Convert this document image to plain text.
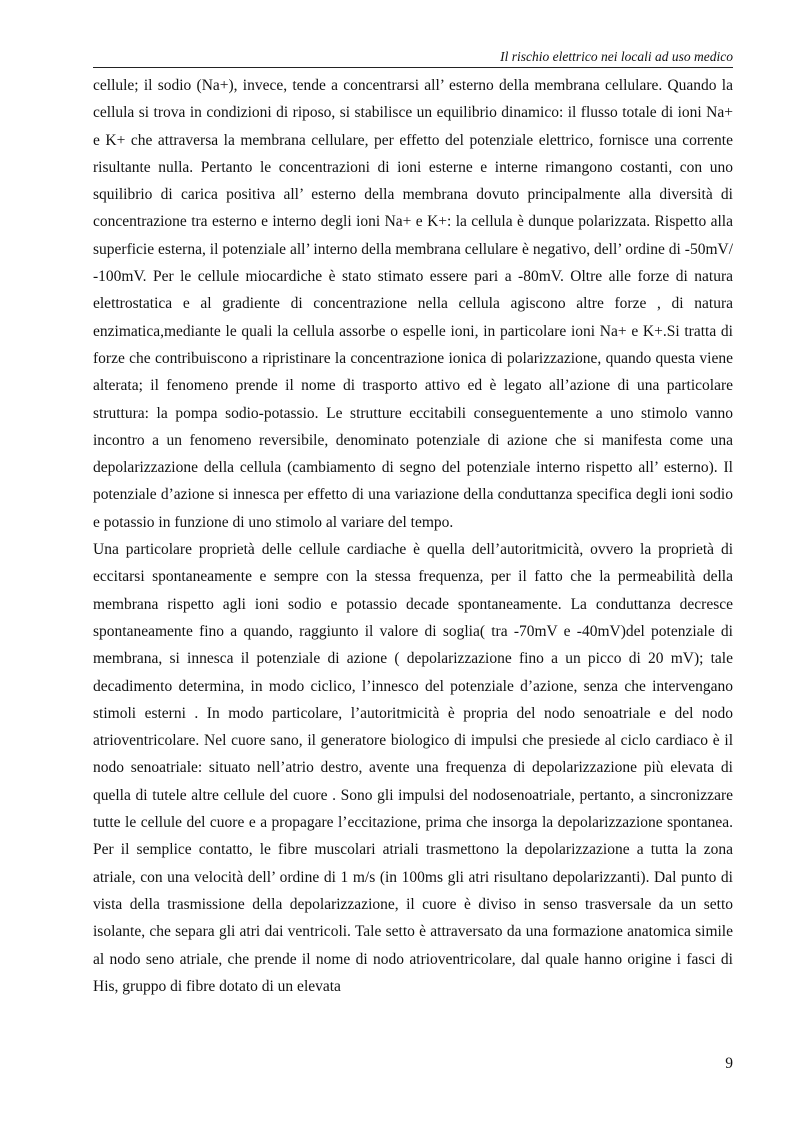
Il rischio elettrico nei locali ad uso medico

cellule; il sodio (Na+), invece, tende a concentrarsi all’ esterno della membrana cellulare. Quando la cellula si trova in condizioni di riposo, si stabilisce un equilibrio dinamico: il flusso totale di ioni Na+ e K+ che attraversa la membrana cellulare, per effetto del potenziale elettrico, fornisce una corrente risultante nulla. Pertanto le concentrazioni di ioni esterne e interne rimangono costanti, con uno squilibrio di carica positiva all’ esterno della membrana dovuto principalmente alla diversità di concentrazione tra esterno e interno degli ioni Na+ e K+: la cellula è dunque polarizzata. Rispetto alla superficie esterna, il potenziale all’ interno della membrana cellulare è negativo, dell’ ordine di -50mV/ -100mV. Per le cellule miocardiche è stato stimato essere pari a -80mV. Oltre alle forze di natura elettrostatica e al gradiente di concentrazione nella cellula agiscono altre forze , di natura enzimatica,mediante le quali la cellula assorbe o espelle ioni, in particolare ioni Na+ e K+.Si tratta di forze che contribuiscono a ripristinare la concentrazione ionica di polarizzazione, quando questa viene alterata; il fenomeno prende il nome di trasporto attivo ed è legato all’azione di una particolare struttura: la pompa sodio-potassio. Le strutture eccitabili conseguentemente a uno stimolo vanno incontro a un fenomeno reversibile, denominato potenziale di azione che si manifesta come una depolarizzazione della cellula (cambiamento di segno del potenziale interno rispetto all’ esterno). Il potenziale d’azione si innesca per effetto di una variazione della conduttanza specifica degli ioni sodio e potassio in funzione di uno stimolo al variare del tempo.

Una particolare proprietà delle cellule cardiache è quella dell’autoritmicità, ovvero la proprietà di eccitarsi spontaneamente e sempre con la stessa frequenza, per il fatto che la permeabilità della membrana rispetto agli ioni sodio e potassio decade spontaneamente. La conduttanza decresce spontaneamente fino a quando, raggiunto il valore di soglia( tra -70mV e -40mV)del potenziale di membrana, si innesca il potenziale di azione ( depolarizzazione fino a un picco di 20 mV); tale decadimento determina, in modo ciclico, l’innesco del potenziale d’azione, senza che intervengano stimoli esterni . In modo particolare, l’autoritmicità è propria del nodo senoatriale e del nodo atrioventricolare. Nel cuore sano, il generatore biologico di impulsi che presiede al ciclo cardiaco è il nodo senoatriale: situato nell’atrio destro, avente una frequenza di depolarizzazione più elevata di quella di tutele altre cellule del cuore . Sono gli impulsi del nodosenoatriale, pertanto, a sincronizzare tutte le cellule del cuore e a propagare l’eccitazione, prima che insorga la depolarizzazione spontanea. Per il semplice contatto, le fibre muscolari atriali trasmettono la depolarizzazione a tutta la zona atriale, con una velocità dell’ ordine di 1 m/s (in 100ms gli atri risultano depolarizzanti). Dal punto di vista della trasmissione della depolarizzazione, il cuore è diviso in senso trasversale da un setto isolante, che separa gli atri dai ventricoli. Tale setto è attraversato da una formazione anatomica simile al nodo seno atriale, che prende il nome di nodo atrioventricolare, dal quale hanno origine i fasci di His, gruppo di fibre dotato di un elevata

9
